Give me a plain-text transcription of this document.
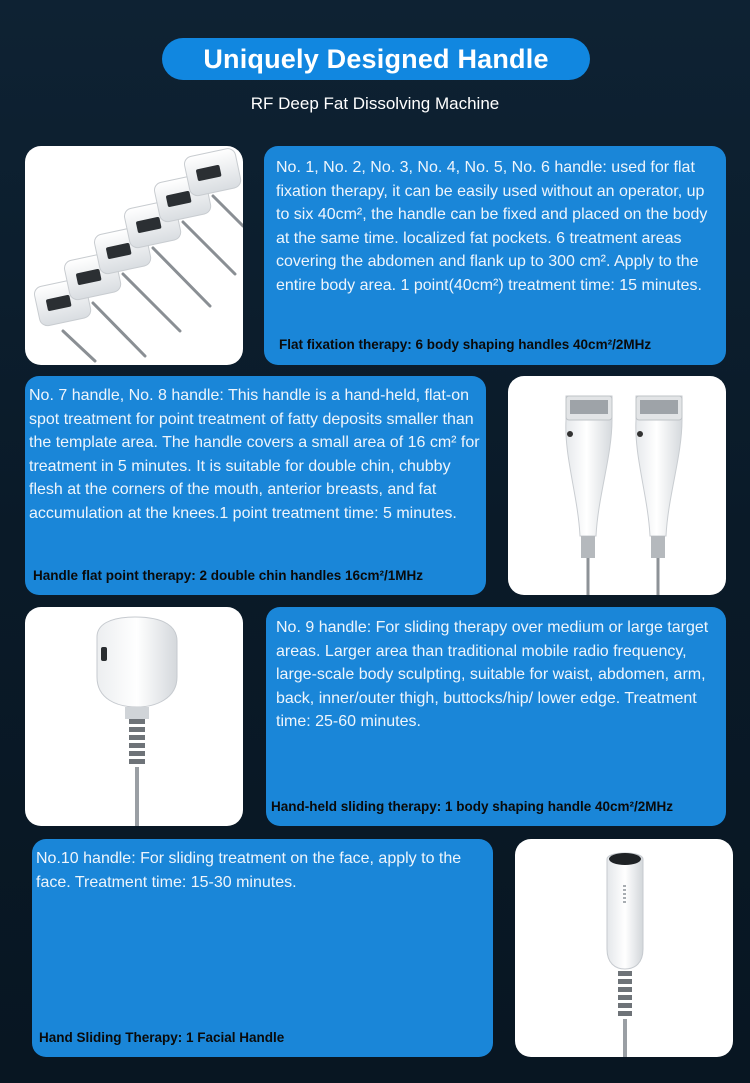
Uniquely Designed Handle
RF Deep Fat Dissolving Machine
No. 1, No. 2, No. 3, No. 4, No. 5, No. 6 handle: used for flat fixation therapy, it can be easily used without an operator, up to six 40cm², the handle can be fixed and placed on the body at the same time. localized fat pockets. 6 treatment areas covering the abdomen and flank up to 300 cm². Apply to the entire body area. 1 point(40cm²) treatment time: 15 minutes.
Flat fixation therapy: 6 body shaping handles 40cm²/2MHz
No. 7 handle, No. 8 handle: This handle is a hand-held, flat-on spot treatment for point treatment of fatty deposits smaller than the template area. The handle covers a small area of 16 cm² for treatment in 5 minutes. It is suitable for double chin, chubby flesh at the corners of the mouth, anterior breasts, and fat accumulation at the knees.1 point treatment time: 5 minutes.
Handle flat point therapy: 2 double chin handles 16cm²/1MHz
No. 9 handle: For sliding therapy over medium or large target areas. Larger area than traditional mobile radio frequency, large-scale body sculpting, suitable for waist, abdomen, arm, back, inner/outer thigh, buttocks/hip/ lower edge. Treatment time: 25-60 minutes.
Hand-held sliding therapy: 1 body shaping handle 40cm²/2MHz
No.10 handle: For sliding treatment on the face, apply to the face. Treatment time: 15-30 minutes.
Hand Sliding Therapy: 1 Facial Handle
